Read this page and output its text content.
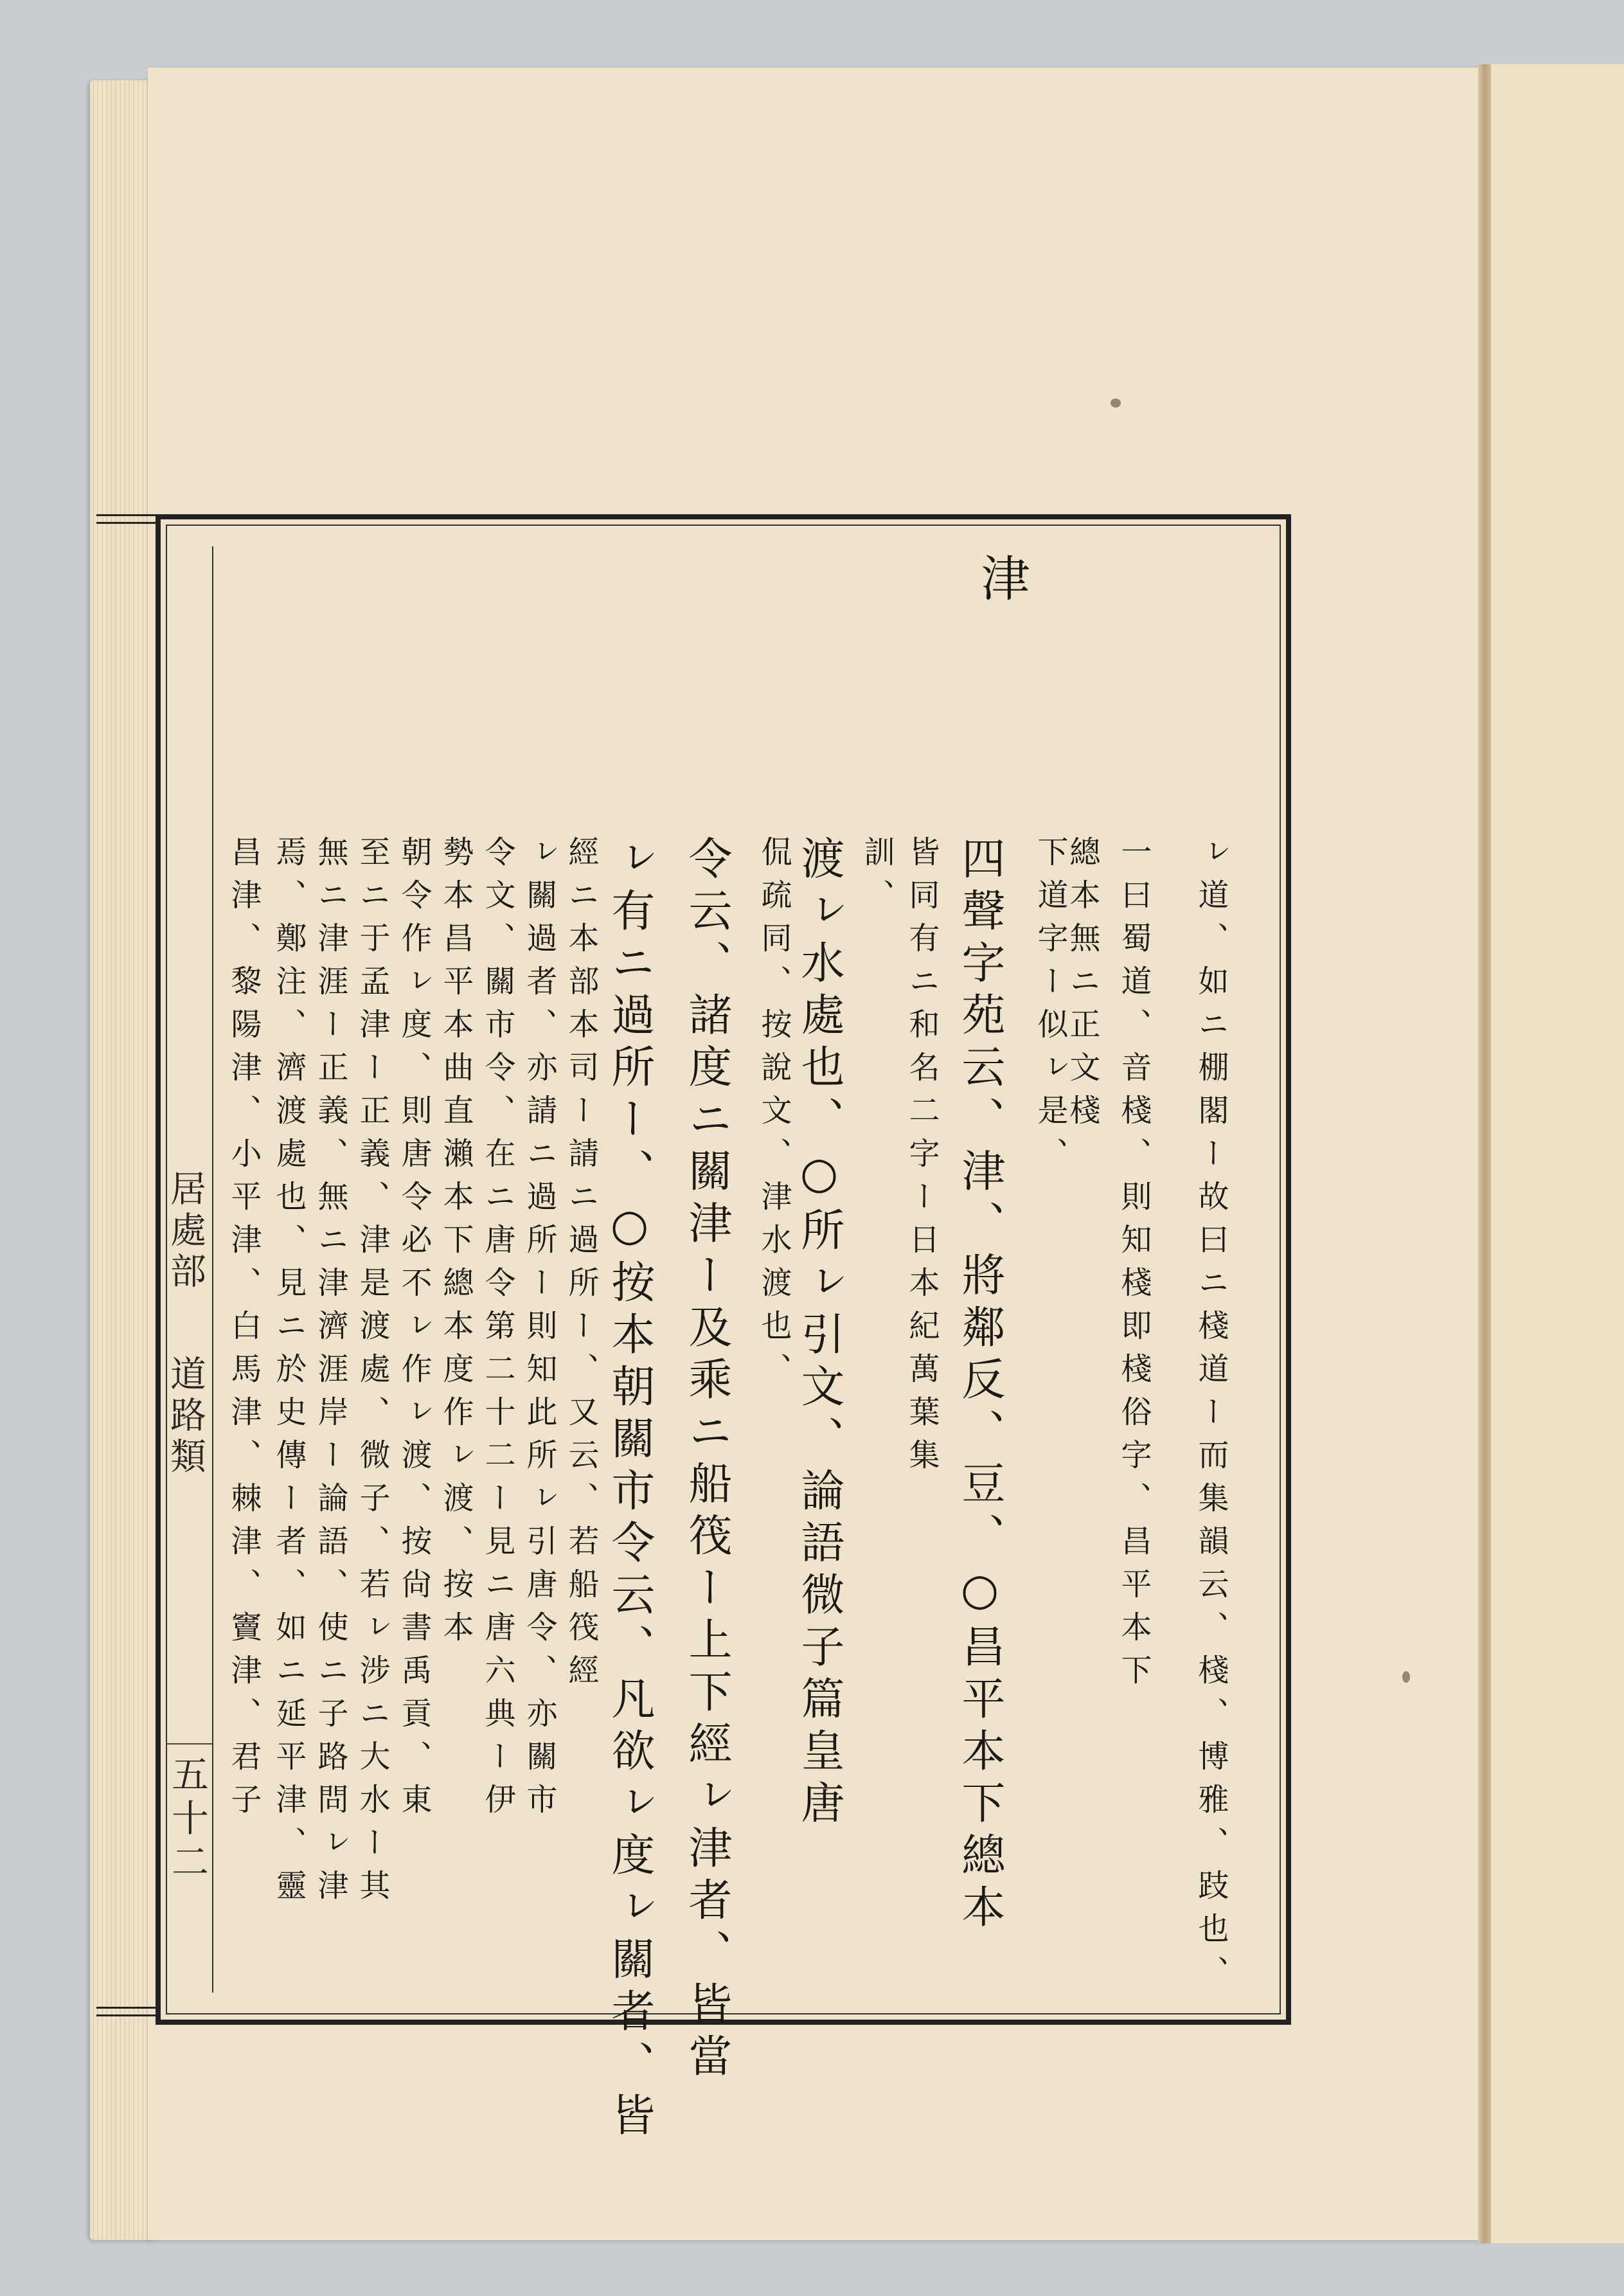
居處部
道路類
五十二
津
ㇾ道、如ニ棚閣ー故曰ニ棧道ー而集韻云、棧、博雅、跂也、
一曰蜀道、音棧、則知棧即棧俗字、昌平本下
總本無ニ正文棧
下道字ー似ㇾ是、
四聲字苑云、津、將鄰反、豆、○昌平本下總本
皆同有ニ和名二字ー日本紀萬葉集
訓、
渡ㇾ水處也、○所ㇾ引文、論語微子篇皇唐
侃疏同、按說文、津水渡也、
令云、諸度ニ關津ー及乘ニ船筏ー上下經ㇾ津者、皆當
ㇾ有ニ過所ー、○按本朝關市令云、凡欲ㇾ度ㇾ關者、皆
經ニ本部本司ー請ニ過所ー、又云、若船筏經
ㇾ關過者、亦請ニ過所ー則知此所ㇾ引唐令、亦關市
令文、關市令、在ニ唐令第二十二ー見ニ唐六典ー伊
勢本昌平本曲直瀨本下總本度作ㇾ渡、按本
朝令作ㇾ度、則唐令必不ㇾ作ㇾ渡、按尙書禹貢、東
至ニ于孟津ー正義、津是渡處、微子、若ㇾ涉ニ大水ー其
無ニ津涯ー正義、無ニ津濟涯岸ー論語、使ニ子路問ㇾ津
焉、鄭注、濟渡處也、見ニ於史傳ー者、如ニ延平津、靈
昌津、黎陽津、小平津、白馬津、棘津、竇津、君子
